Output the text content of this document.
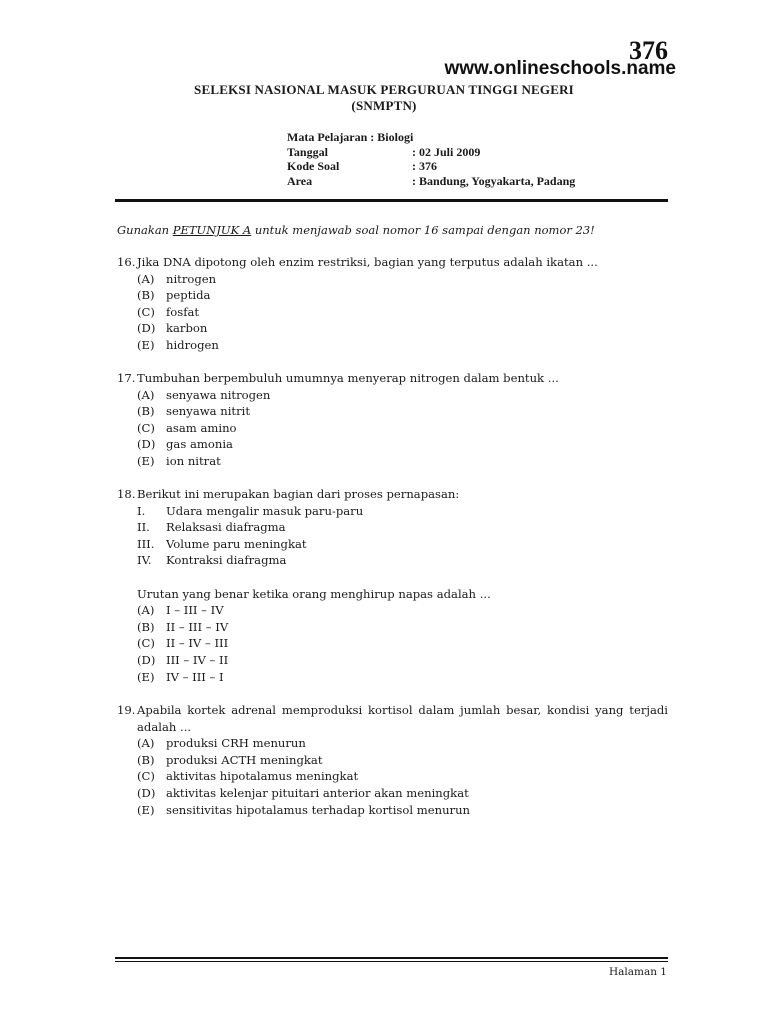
376
www.onlineschools.name
SELEKSI NASIONAL MASUK PERGURUAN TINGGI NEGERI
(SNMPTN)
Mata Pelajaran : Biologi
Tanggal	: 02 Juli 2009
Kode Soal	: 376
Area	: Bandung, Yogyakarta, Padang
Gunakan PETUNJUK A untuk menjawab soal nomor 16 sampai dengan nomor 23!
16. Jika DNA dipotong oleh enzim restriksi, bagian yang terputus adalah ikatan ...
(A) nitrogen
(B) peptida
(C) fosfat
(D) karbon
(E) hidrogen
17. Tumbuhan berpembuluh umumnya menyerap nitrogen dalam bentuk ...
(A) senyawa nitrogen
(B) senyawa nitrit
(C) asam amino
(D) gas amonia
(E) ion nitrat
18. Berikut ini merupakan bagian dari proses pernapasan:
I.	Udara mengalir masuk paru-paru
II.	Relaksasi diafragma
III. Volume paru meningkat
IV.	Kontraksi diafragma
Urutan yang benar ketika orang menghirup napas adalah ...
(A) I – III – IV
(B) II – III – IV
(C) II – IV – III
(D) III – IV – II
(E) IV – III – I
19. Apabila kortek adrenal memproduksi kortisol dalam jumlah besar, kondisi yang terjadi adalah ...
(A) produksi CRH menurun
(B) produksi ACTH meningkat
(C) aktivitas hipotalamus meningkat
(D) aktivitas kelenjar pituitari anterior akan meningkat
(E) sensitivitas hipotalamus terhadap kortisol menurun
Halaman 1
